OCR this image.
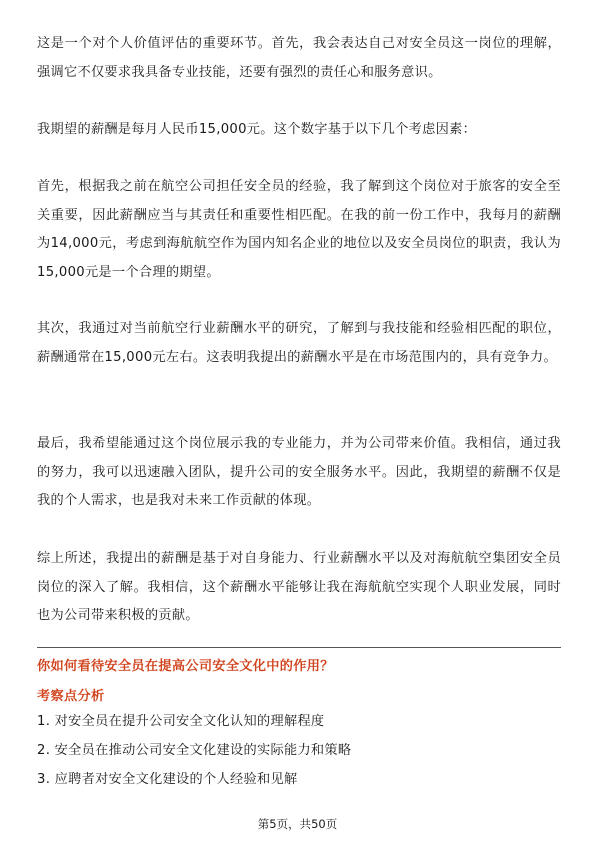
这是一个对个人价值评估的重要环节。首先，我会表达自己对安全员这一岗位的理解，强调它不仅要求我具备专业技能，还要有强烈的责任心和服务意识。

我期望的薪酬是每月人民币15,000元。这个数字基于以下几个考虑因素：

首先，根据我之前在航空公司担任安全员的经验，我了解到这个岗位对于旅客的安全至关重要，因此薪酬应当与其责任和重要性相匹配。在我的前一份工作中，我每月的薪酬为14,000元，考虑到海航航空作为国内知名企业的地位以及安全员岗位的职责，我认为15,000元是一个合理的期望。

其次，我通过对当前航空行业薪酬水平的研究，了解到与我技能和经验相匹配的职位，薪酬通常在15,000元左右。这表明我提出的薪酬水平是在市场范围内的，具有竞争力。

最后，我希望能通过这个岗位展示我的专业能力，并为公司带来价值。我相信，通过我的努力，我可以迅速融入团队，提升公司的安全服务水平。因此，我期望的薪酬不仅是我的个人需求，也是我对未来工作贡献的体现。

综上所述，我提出的薪酬是基于对自身能力、行业薪酬水平以及对海航航空集团安全员岗位的深入了解。我相信，这个薪酬水平能够让我在海航航空实现个人职业发展，同时也为公司带来积极的贡献。

你如何看待安全员在提高公司安全文化中的作用？

考察点分析

1. 对安全员在提升公司安全文化认知的理解程度
2. 安全员在推动公司安全文化建设的实际能力和策略
3. 应聘者对安全文化建设的个人经验和见解
第5页，共50页
